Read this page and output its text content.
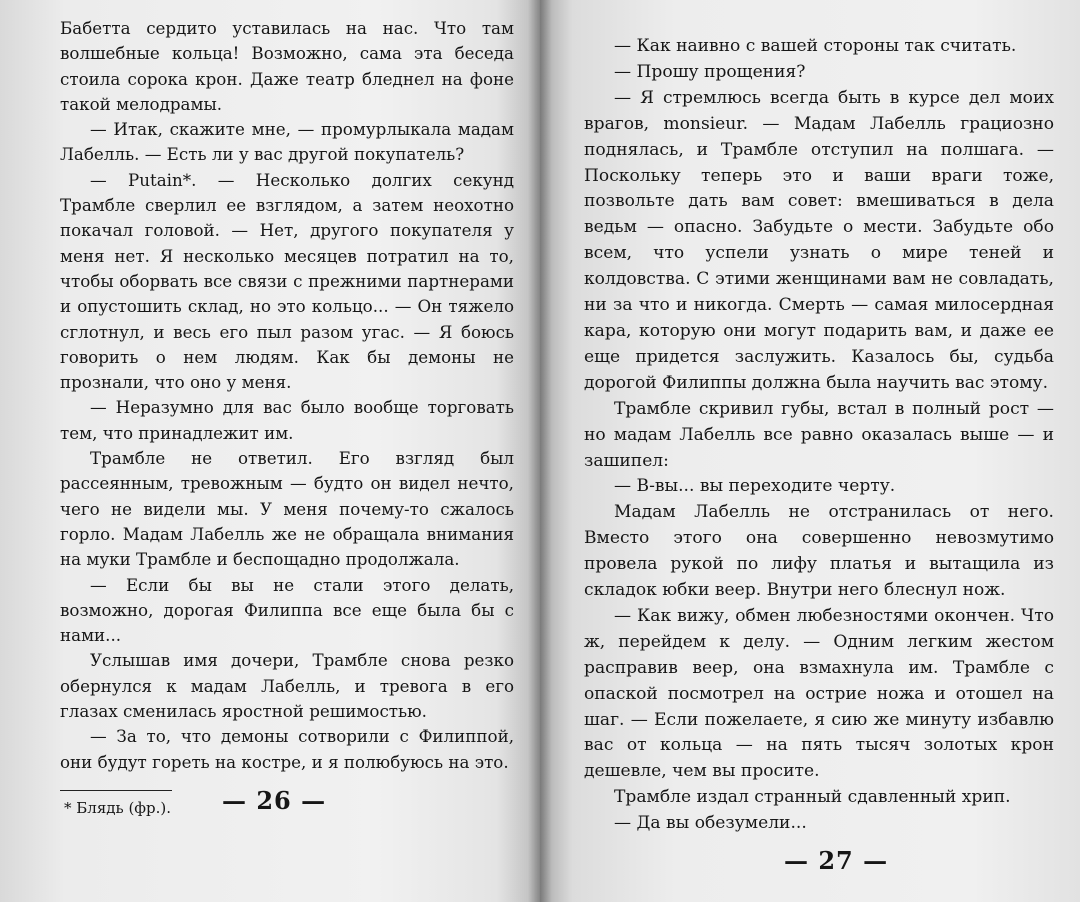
Бабетта сердито уставилась на нас. Что там волшебные кольца! Возможно, сама эта беседа стоила сорока крон. Даже театр бледнел на фоне такой мелодрамы.

— Итак, скажите мне, — промурлыкала мадам Лабелль. — Есть ли у вас другой покупатель?

— Putain*. — Несколько долгих секунд Трамбле сверлил ее взглядом, а затем неохотно покачал головой. — Нет, другого покупателя у меня нет. Я несколько месяцев потратил на то, чтобы оборвать все связи с прежними партнерами и опустошить склад, но это кольцо... — Он тяжело сглотнул, и весь его пыл разом угас. — Я боюсь говорить о нем людям. Как бы демоны не прознали, что оно у меня.

— Неразумно для вас было вообще торговать тем, что принадлежит им.

Трамбле не ответил. Его взгляд был рассеянным, тревожным — будто он видел нечто, чего не видели мы. У меня почему-то сжалось горло. Мадам Лабелль же не обращала внимания на муки Трамбле и беспощадно продолжала.

— Если бы вы не стали этого делать, возможно, дорогая Филиппа все еще была бы с нами...

Услышав имя дочери, Трамбле снова резко обернулся к мадам Лабелль, и тревога в его глазах сменилась яростной решимостью.

— За то, что демоны сотворили с Филиппой, они будут гореть на костре, и я полюбуюсь на это.

* Блядь (фр.). — 26 —

— Как наивно с вашей стороны так считать.

— Прошу прощения?

— Я стремлюсь всегда быть в курсе дел моих врагов, monsieur. — Мадам Лабелль грациозно поднялась, и Трамбле отступил на полшага. — Поскольку теперь это и ваши враги тоже, позвольте дать вам совет: вмешиваться в дела ведьм — опасно. Забудьте о мести. Забудьте обо всем, что успели узнать о мире теней и колдовства. С этими женщинами вам не совладать, ни за что и никогда. Смерть — самая милосердная кара, которую они могут подарить вам, и даже ее еще придется заслужить. Казалось бы, судьба дорогой Филиппы должна была научить вас этому.

Трамбле скривил губы, встал в полный рост — но мадам Лабелль все равно оказалась выше — и зашипел:

— В-вы... вы переходите черту.

Мадам Лабелль не отстранилась от него. Вместо этого она совершенно невозмутимо провела рукой по лифу платья и вытащила из складок юбки веер. Внутри него блеснул нож.

— Как вижу, обмен любезностями окончен. Что ж, перейдем к делу. — Одним легким жестом расправив веер, она взмахнула им. Трамбле с опаской посмотрел на острие ножа и отошел на шаг. — Если пожелаете, я сию же минуту избавлю вас от кольца — на пять тысяч золотых крон дешевле, чем вы просите.

Трамбле издал странный сдавленный хрип.

— Да вы обезумели...

— 27 —
